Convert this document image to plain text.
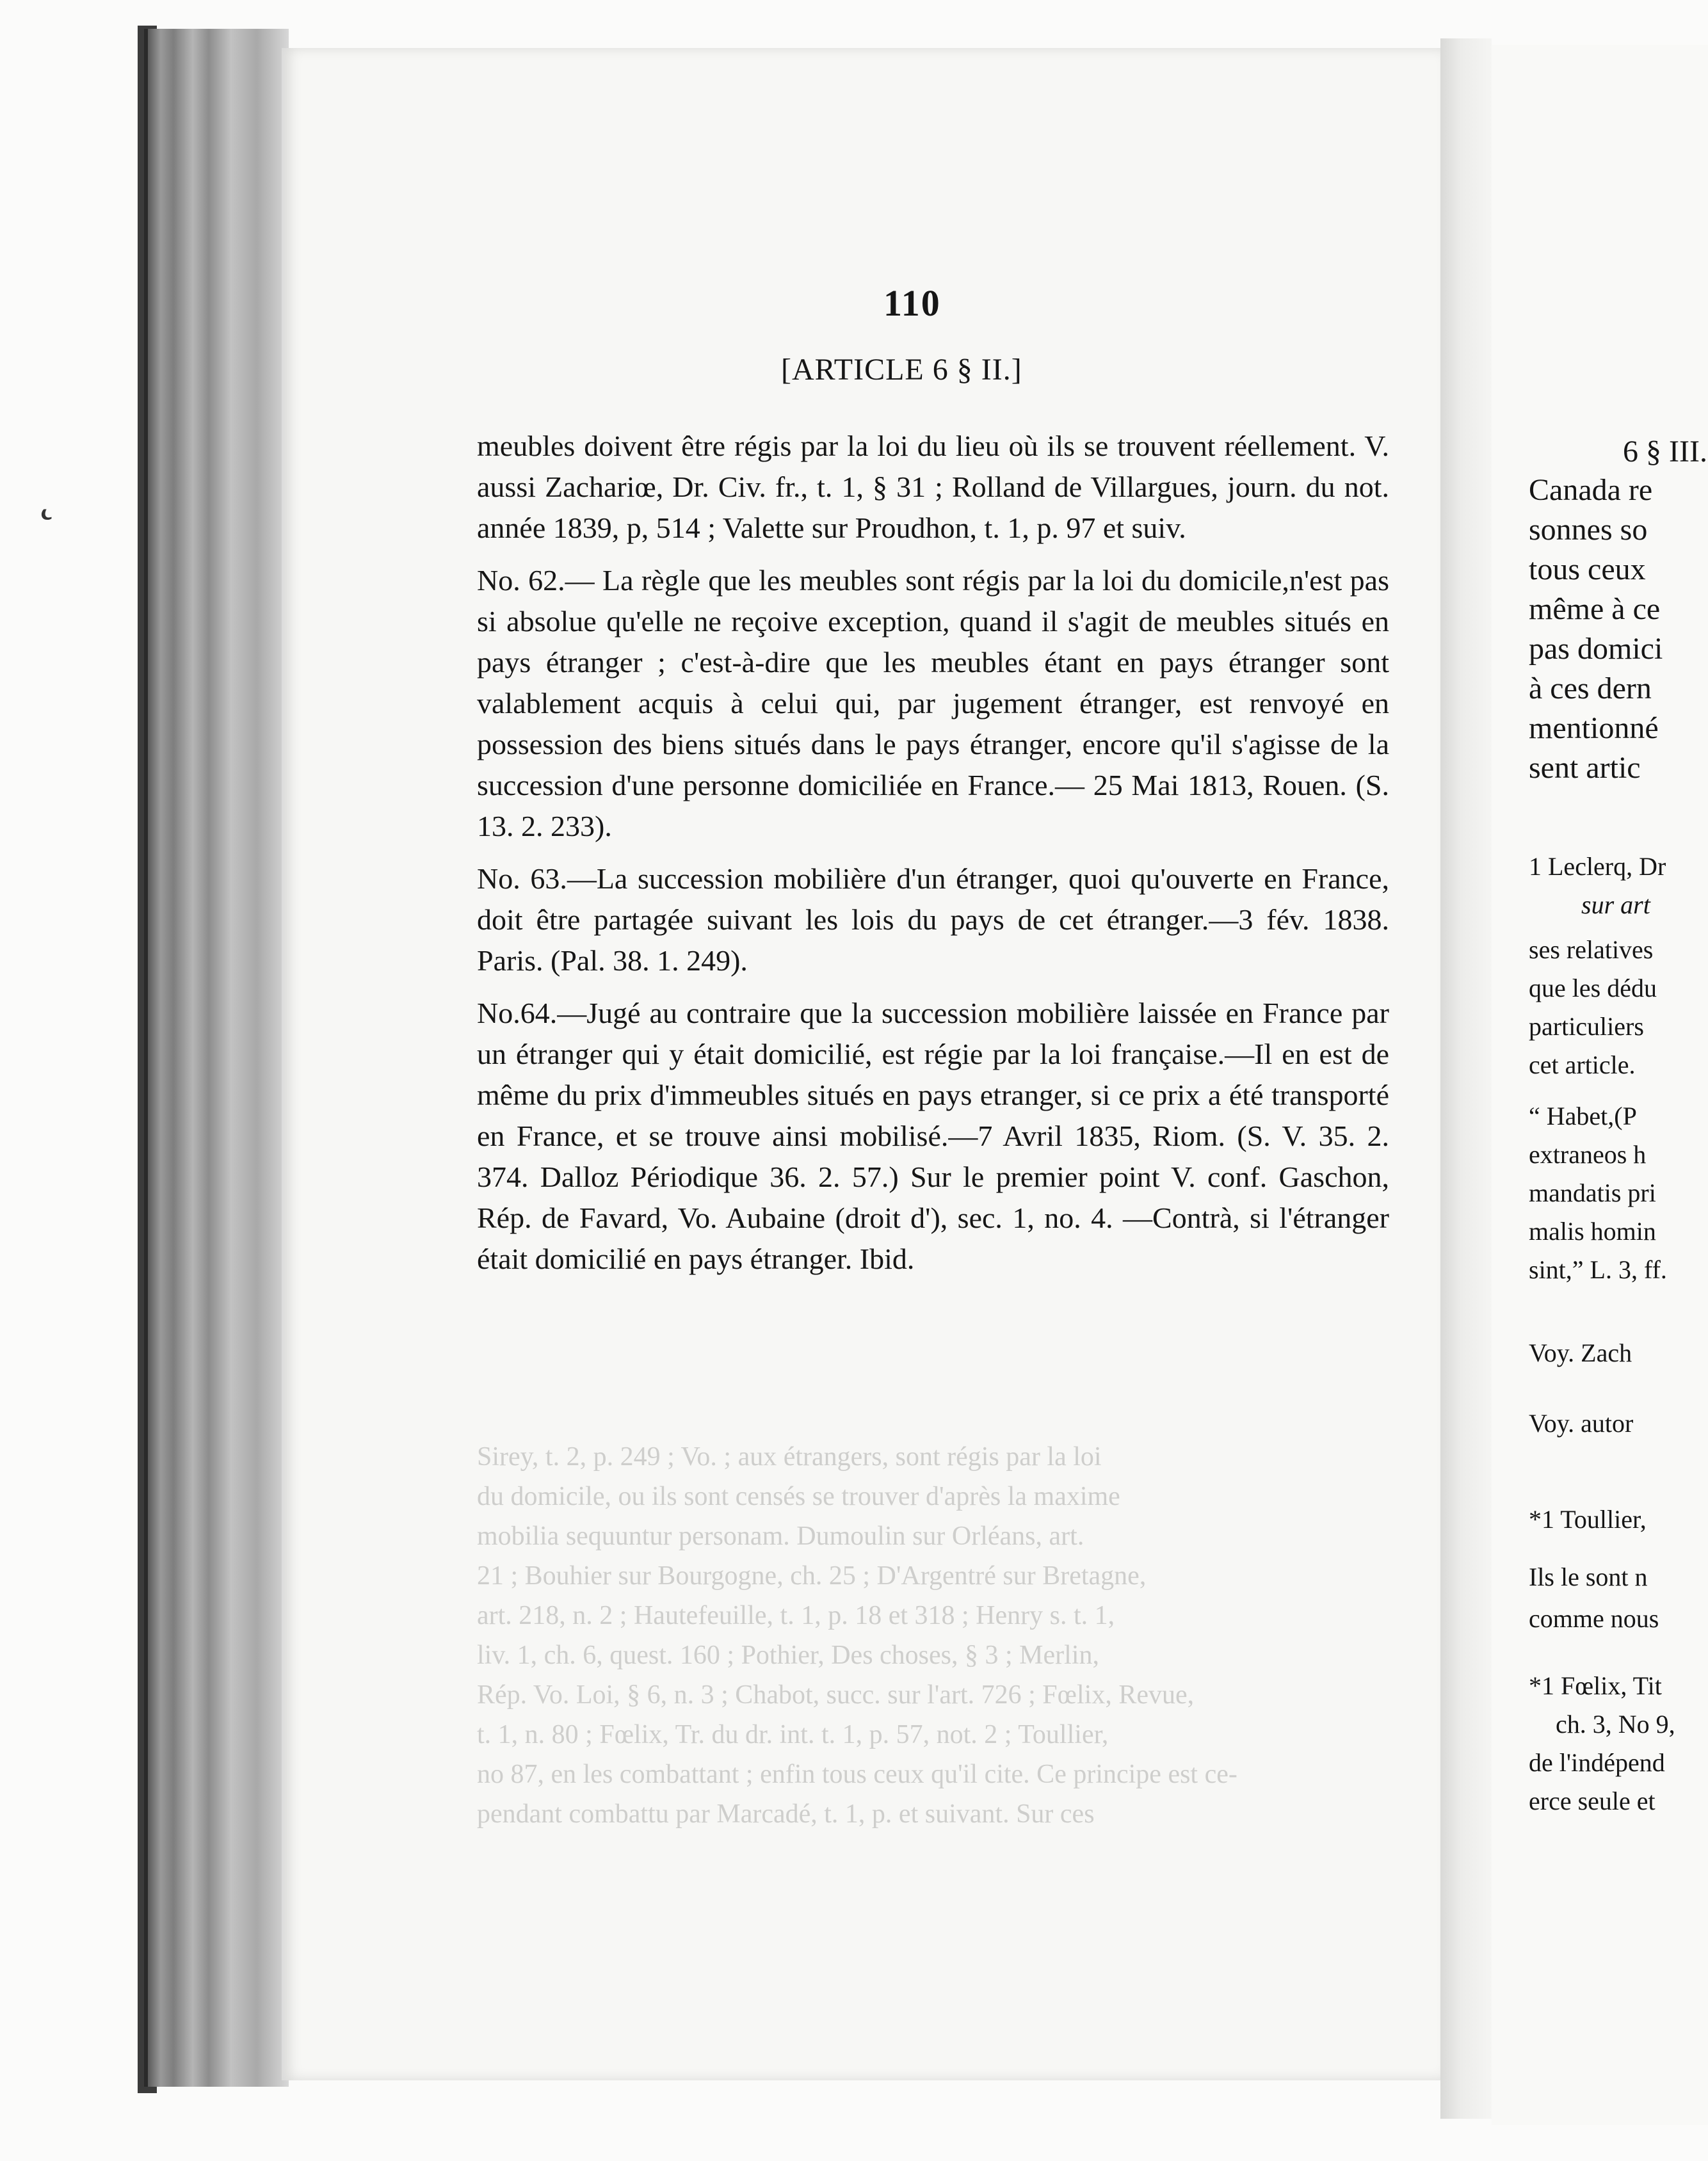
˛
110
[ARTICLE 6 § II.]
Sirey, t. 2, p. 249 ; Vo. ; aux étrangers, sont régis par la loi
du domicile, ou ils sont censés se trouver d'après la maxime
mobilia sequuntur personam. Dumoulin sur Orléans, art.
21 ; Bouhier sur Bourgogne, ch. 25 ; D'Argentré sur Bretagne,
art. 218, n. 2 ; Hautefeuille, t. 1, p. 18 et 318 ; Henry s. t. 1,
liv. 1, ch. 6, quest. 160 ; Pothier, Des choses, § 3 ; Merlin,
Rép. Vo. Loi, § 6, n. 3 ; Chabot, succ. sur l'art. 726 ; Fœlix, Revue,
t. 1, n. 80 ; Fœlix, Tr. du dr. int. t. 1, p. 57, not. 2 ; Toullier,
no 87, en les combattant ; enfin tous ceux qu'il cite. Ce principe est ce-
pendant combattu par Marcadé, t. 1, p. et suivant. Sur ces

meubles doivent être régis par la loi du lieu où ils se trouvent réellement. V. aussi Zachariœ, Dr. Civ. fr., t. 1, § 31 ; Rolland de Villargues, journ. du not. année 1839, p, 514 ; Valette sur Proudhon, t. 1, p. 97 et suiv.

No. 62.— La règle que les meubles sont régis par la loi du domicile,n'est pas si absolue qu'elle ne reçoive exception, quand il s'agit de meubles situés en pays étranger ; c'est-à-dire que les meubles étant en pays étranger sont valablement acquis à celui qui, par jugement étranger, est renvoyé en possession des biens situés dans le pays étranger, encore qu'il s'agisse de la succession d'une personne domiciliée en France.— 25 Mai 1813, Rouen. (S. 13. 2. 233).

No. 63.—La succession mobilière d'un étranger, quoi qu'ouverte en France, doit être partagée suivant les lois du pays de cet étranger.—3 fév. 1838. Paris. (Pal. 38. 1. 249).

No.64.—Jugé au contraire que la succession mobilière laissée en France par un étranger qui y était domicilié, est régie par la loi française.—Il en est de même du prix d'immeubles situés en pays etranger, si ce prix a été transporté en France, et se trouve ainsi mobilisé.—7 Avril 1835, Riom. (S. V. 35. 2. 374. Dalloz Périodique 36. 2. 57.) Sur le premier point V. conf. Gaschon, Rép. de Favard, Vo. Aubaine (droit d'), sec. 1, no. 4. —Contrà, si l'étranger était domicilié en pays étranger. Ibid.

6 § III.
Canada re
sonnes so
tous ceux
même à ce
pas domici
à ces dern
mentionné
sent artic
1 Leclerq, Dr
sur art
ses relatives
que les dédu
particuliers
cet article.
“ Habet,(P
extraneos h
mandatis pri
malis homin
sint,” L. 3, ff.
Voy. Zach
Voy. autor
*1 Toullier,
Ils le sont n
comme nous
*1 Fœlix, Tit
ch. 3, No 9,
de l'indépend
erce seule et
